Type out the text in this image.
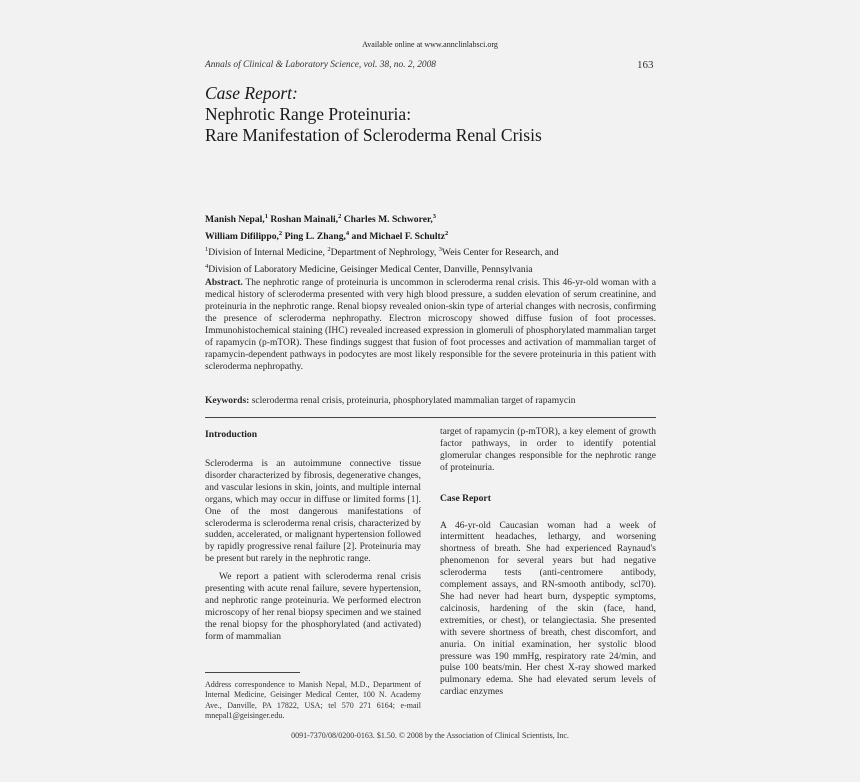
Available online at www.annclinlabsci.org
Annals of Clinical & Laboratory Science, vol. 38, no. 2, 2008	163
Case Report:
Nephrotic Range Proteinuria:
Rare Manifestation of Scleroderma Renal Crisis
Manish Nepal,$^1$ Roshan Mainali,$^2$ Charles M. Schworer,$^3$
William Difilippo,$^2$ Ping L. Zhang,$^4$ and Michael F. Schultz$^2$
$^1$Division of Internal Medicine, $^2$Department of Nephrology, $^3$Weis Center for Research, and
$^4$Division of Laboratory Medicine, Geisinger Medical Center, Danville, Pennsylvania
Abstract. The nephrotic range of proteinuria is uncommon in scleroderma renal crisis. This 46-yr-old woman with a medical history of scleroderma presented with very high blood pressure, a sudden elevation of serum creatinine, and proteinuria in the nephrotic range. Renal biopsy revealed onion-skin type of arterial changes with necrosis, confirming the presence of scleroderma nephropathy. Electron microscopy showed diffuse fusion of foot processes. Immunohistochemical staining (IHC) revealed increased expression in glomeruli of phosphorylated mammalian target of rapamycin (p-mTOR). These findings suggest that fusion of foot processes and activation of mammalian target of rapamycin-dependent pathways in podocytes are most likely responsible for the severe proteinuria in this patient with scleroderma nephropathy.
Keywords: scleroderma renal crisis, proteinuria, phosphorylated mammalian target of rapamycin
Introduction

Scleroderma is an autoimmune connective tissue disorder characterized by fibrosis, degenerative changes, and vascular lesions in skin, joints, and multiple internal organs, which may occur in diffuse or limited forms [1]. One of the most dangerous manifestations of scleroderma is scleroderma renal crisis, characterized by sudden, accelerated, or malignant hypertension followed by rapidly progressive renal failure [2]. Proteinuria may be present but rarely in the nephrotic range.

We report a patient with scleroderma renal crisis presenting with acute renal failure, severe hypertension, and nephrotic range proteinuria. We performed electron microscopy of her renal biopsy specimen and we stained the renal biopsy for the phosphorylated (and activated) form of mammalian

target of rapamycin (p-mTOR), a key element of growth factor pathways, in order to identify potential glomerular changes responsible for the nephrotic range of proteinuria.

Case Report

A 46-yr-old Caucasian woman had a week of intermittent headaches, lethargy, and worsening shortness of breath. She had experienced Raynaud's phenomenon for several years but had negative scleroderma tests (anti-centromere antibody, complement assays, and RN-smooth antibody, scl70). She had never had heart burn, dyspeptic symptoms, calcinosis, hardening of the skin (face, hand, extremities, or chest), or telangiectasia. She presented with severe shortness of breath, chest discomfort, and anuria. On initial examination, her systolic blood pressure was 190 mmHg, respiratory rate 24/min, and pulse 100 beats/min. Her chest X-ray showed marked pulmonary edema. She had elevated serum levels of cardiac enzymes

Address correspondence to Manish Nepal, M.D., Department of Internal Medicine, Geisinger Medical Center, 100 N. Academy Ave., Danville, PA 17822, USA; tel 570 271 6164; e-mail mnepal1@geisinger.edu.
0091-7370/08/0200-0163. $1.50. © 2008 by the Association of Clinical Scientists, Inc.
